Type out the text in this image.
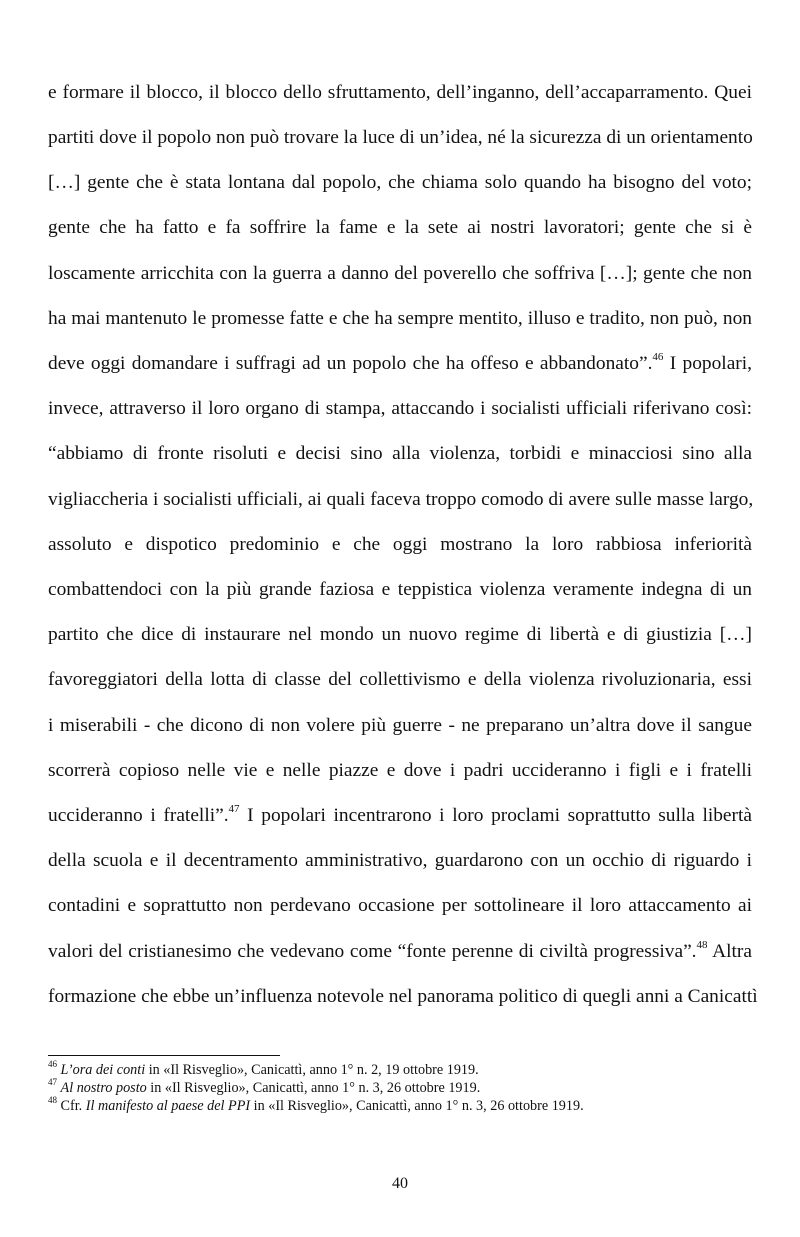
e formare il blocco, il blocco dello sfruttamento, dell’inganno, dell’accaparramento. Quei
partiti dove il popolo non può trovare la luce di un’idea, né la sicurezza di un orientamento
[…] gente che è stata lontana dal popolo, che chiama solo quando ha bisogno del voto;
gente che ha fatto e fa soffrire la fame e la sete ai nostri lavoratori; gente che si è
loscamente arricchita con la guerra a danno del poverello che soffriva […]; gente che non
ha mai mantenuto le promesse fatte e che ha sempre mentito, illuso e tradito, non può, non
deve oggi domandare i suffragi ad un popolo che ha offeso e abbandonato”.$^{46}$ I popolari,
invece, attraverso il loro organo di stampa, attaccando i socialisti ufficiali riferivano così:
“abbiamo di fronte risoluti e decisi sino alla violenza, torbidi e minacciosi sino alla
vigliaccheria i socialisti ufficiali, ai quali faceva troppo comodo di avere sulle masse largo,
assoluto e dispotico predominio e che oggi mostrano la loro rabbiosa inferiorità
combattendoci con la più grande faziosa e teppistica violenza veramente indegna di un
partito che dice di instaurare nel mondo un nuovo regime di libertà e di giustizia […]
favoreggiatori della lotta di classe del collettivismo e della violenza rivoluzionaria, essi
i miserabili - che dicono di non volere più guerre - ne preparano un’altra dove il sangue
scorrerà copioso nelle vie e nelle piazze e dove i padri uccideranno i figli e i fratelli
uccideranno i fratelli”.$^{47}$ I popolari incentrarono i loro proclami soprattutto sulla libertà
della scuola e il decentramento amministrativo, guardarono con un occhio di riguardo i
contadini e soprattutto non perdevano occasione per sottolineare il loro attaccamento ai
valori del cristianesimo che vedevano come “fonte perenne di civiltà progressiva”.$^{48}$ Altra
formazione che ebbe un’influenza notevole nel panorama politico di quegli anni a Canicattì
$^{46}$ L’ora dei conti in «Il Risveglio», Canicattì, anno 1° n. 2, 19 ottobre 1919.
$^{47}$ Al nostro posto in «Il Risveglio», Canicattì, anno 1° n. 3, 26 ottobre 1919.
$^{48}$ Cfr. Il manifesto al paese del PPI in «Il Risveglio», Canicattì, anno 1° n. 3, 26 ottobre 1919.
40
